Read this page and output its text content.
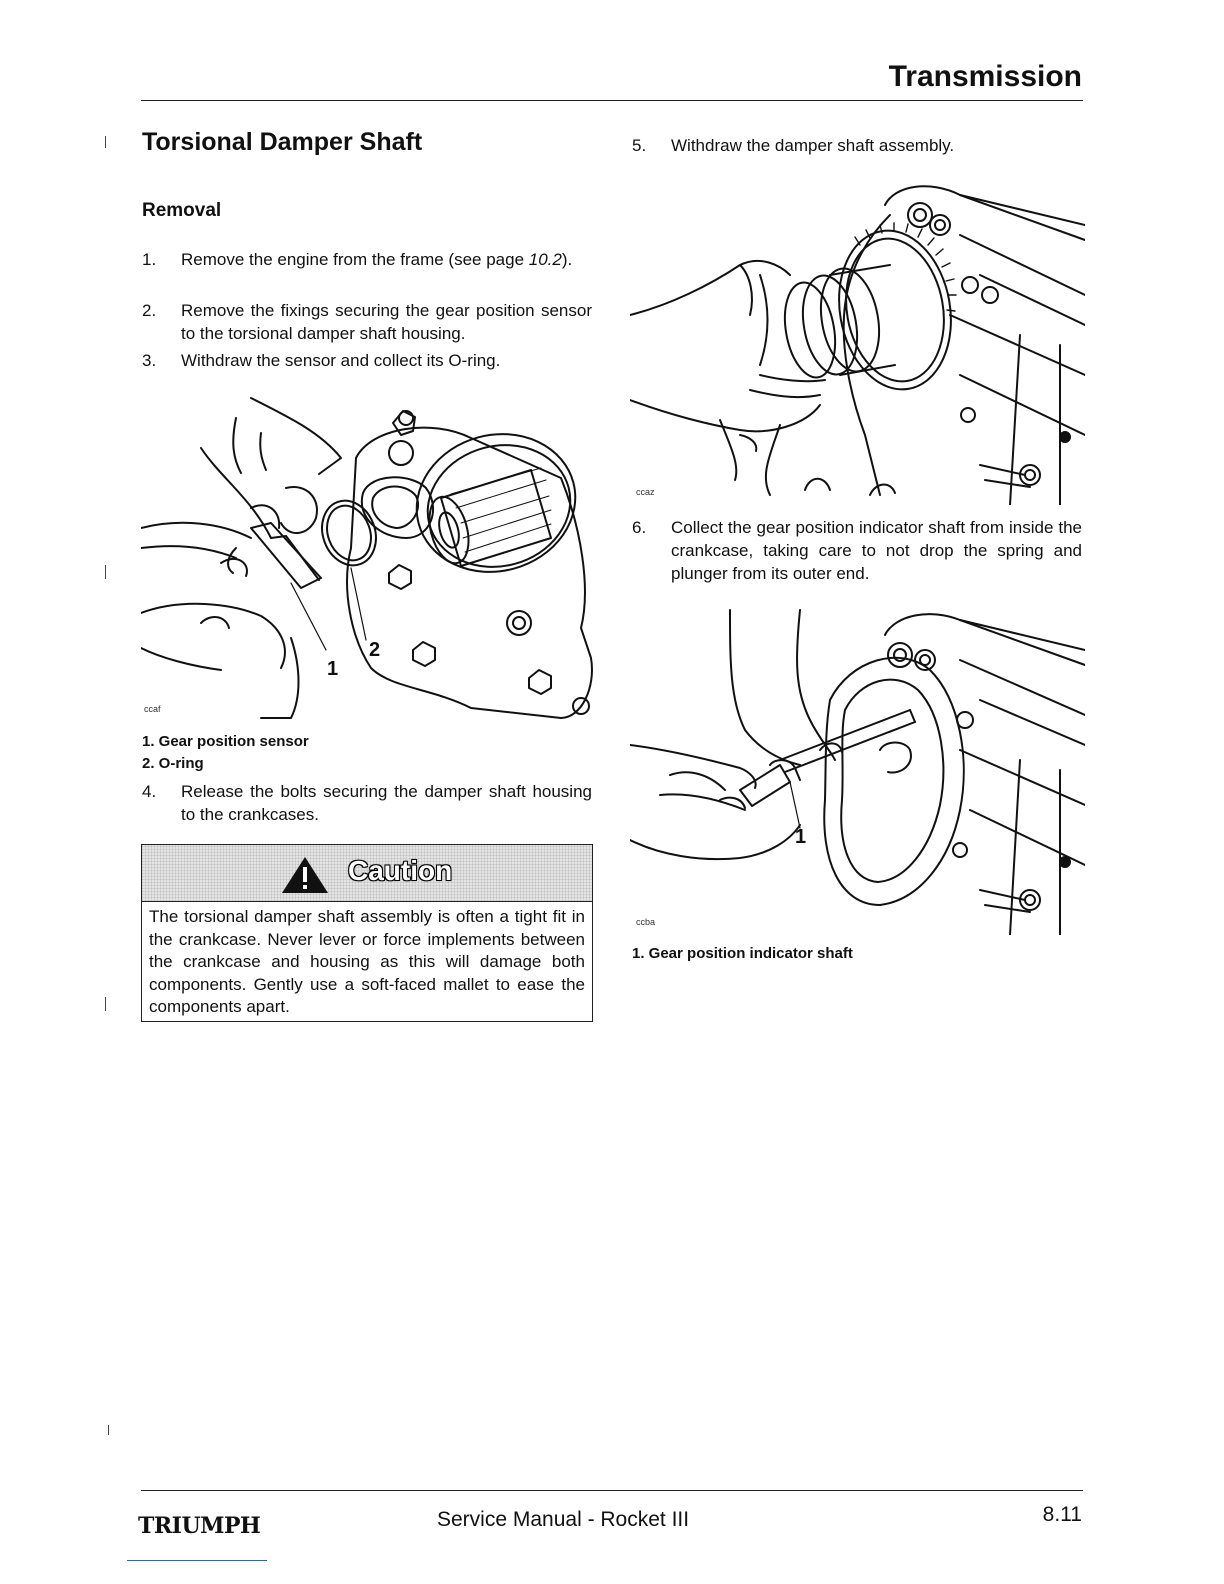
Transmission
Torsional Damper Shaft
Removal
1. Remove the engine from the frame (see page 10.2).
2. Remove the fixings securing the gear position sensor to the torsional damper shaft housing.
3. Withdraw the sensor and collect its O-ring.
1
2
ccaf
1. Gear position sensor
2. O-ring
4. Release the bolts securing the damper shaft housing to the crankcases.
Caution
The torsional damper shaft assembly is often a tight fit in the crankcase. Never lever or force implements between the crankcase and housing as this will damage both components. Gently use a soft-faced mallet to ease the components apart.
5. Withdraw the damper shaft assembly.
ccaz
6. Collect the gear position indicator shaft from inside the crankcase, taking care to not drop the spring and plunger from its outer end.
1
ccba
1. Gear position indicator shaft
TRIUMPH	Service Manual - Rocket III	8.11
